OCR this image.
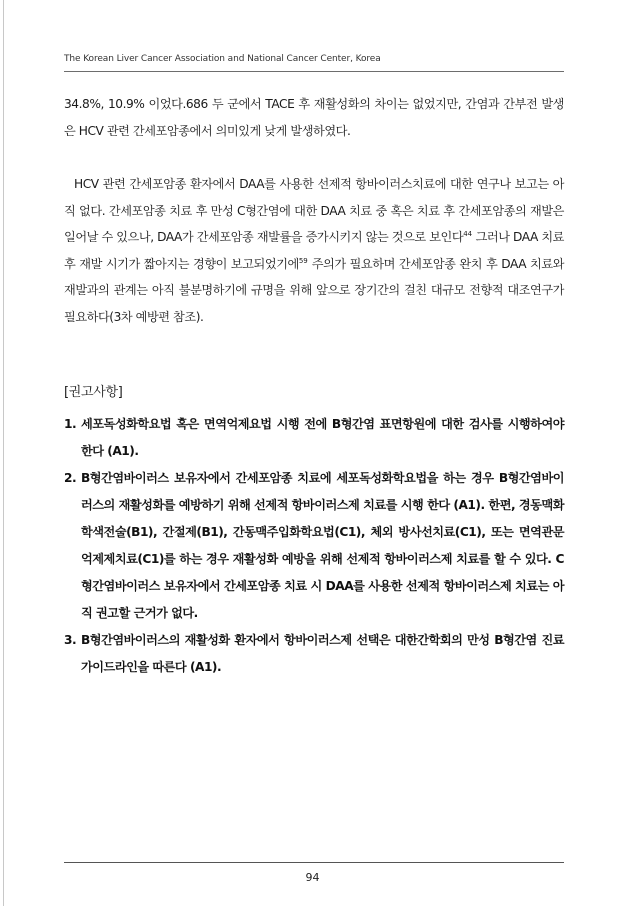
The Korean Liver Cancer Association and National Cancer Center, Korea

34.8%, 10.9% 이었다.686 두 군에서 TACE 후 재활성화의 차이는 없었지만, 간염과 간부전 발생은 HCV 관련 간세포암종에서 의미있게 낮게 발생하였다.

HCV 관련 간세포암종 환자에서 DAA를 사용한 선제적 항바이러스치료에 대한 연구나 보고는 아직 없다. 간세포암종 치료 후 만성 C형간염에 대한 DAA 치료 중 혹은 치료 후 간세포암종의 재발은 일어날 수 있으나, DAA가 간세포암종 재발률을 증가시키지 않는 것으로 보인다$^{44}$ 그러나 DAA 치료 후 재발 시기가 짧아지는 경향이 보고되었기에$^{59}$ 주의가 필요하며 간세포암종 완치 후 DAA 치료와 재발과의 관계는 아직 불분명하기에 규명을 위해 앞으로 장기간의 걸친 대규모 전향적 대조연구가 필요하다(3차 예방편 참조).

[권고사항]
1. 세포독성화학요법 혹은 면역억제요법 시행 전에 B형간염 표면항원에 대한 검사를 시행하여야 한다 (A1).
2. B형간염바이러스 보유자에서 간세포암종 치료에 세포독성화학요법을 하는 경우 B형간염바이러스의 재활성화를 예방하기 위해 선제적 항바이러스제 치료를 시행 한다 (A1). 한편, 경동맥화학색전술(B1), 간절제(B1), 간동맥주입화학요법(C1), 체외 방사선치료(C1), 또는 면역관문억제제치료(C1)를 하는 경우 재활성화 예방을 위해 선제적 항바이러스제 치료를 할 수 있다. C형간염바이러스 보유자에서 간세포암종 치료 시 DAA를 사용한 선제적 항바이러스제 치료는 아직 권고할 근거가 없다.
3. B형간염바이러스의 재활성화 환자에서 항바이러스제 선택은 대한간학회의 만성 B형간염 진료 가이드라인을 따른다 (A1).
94
